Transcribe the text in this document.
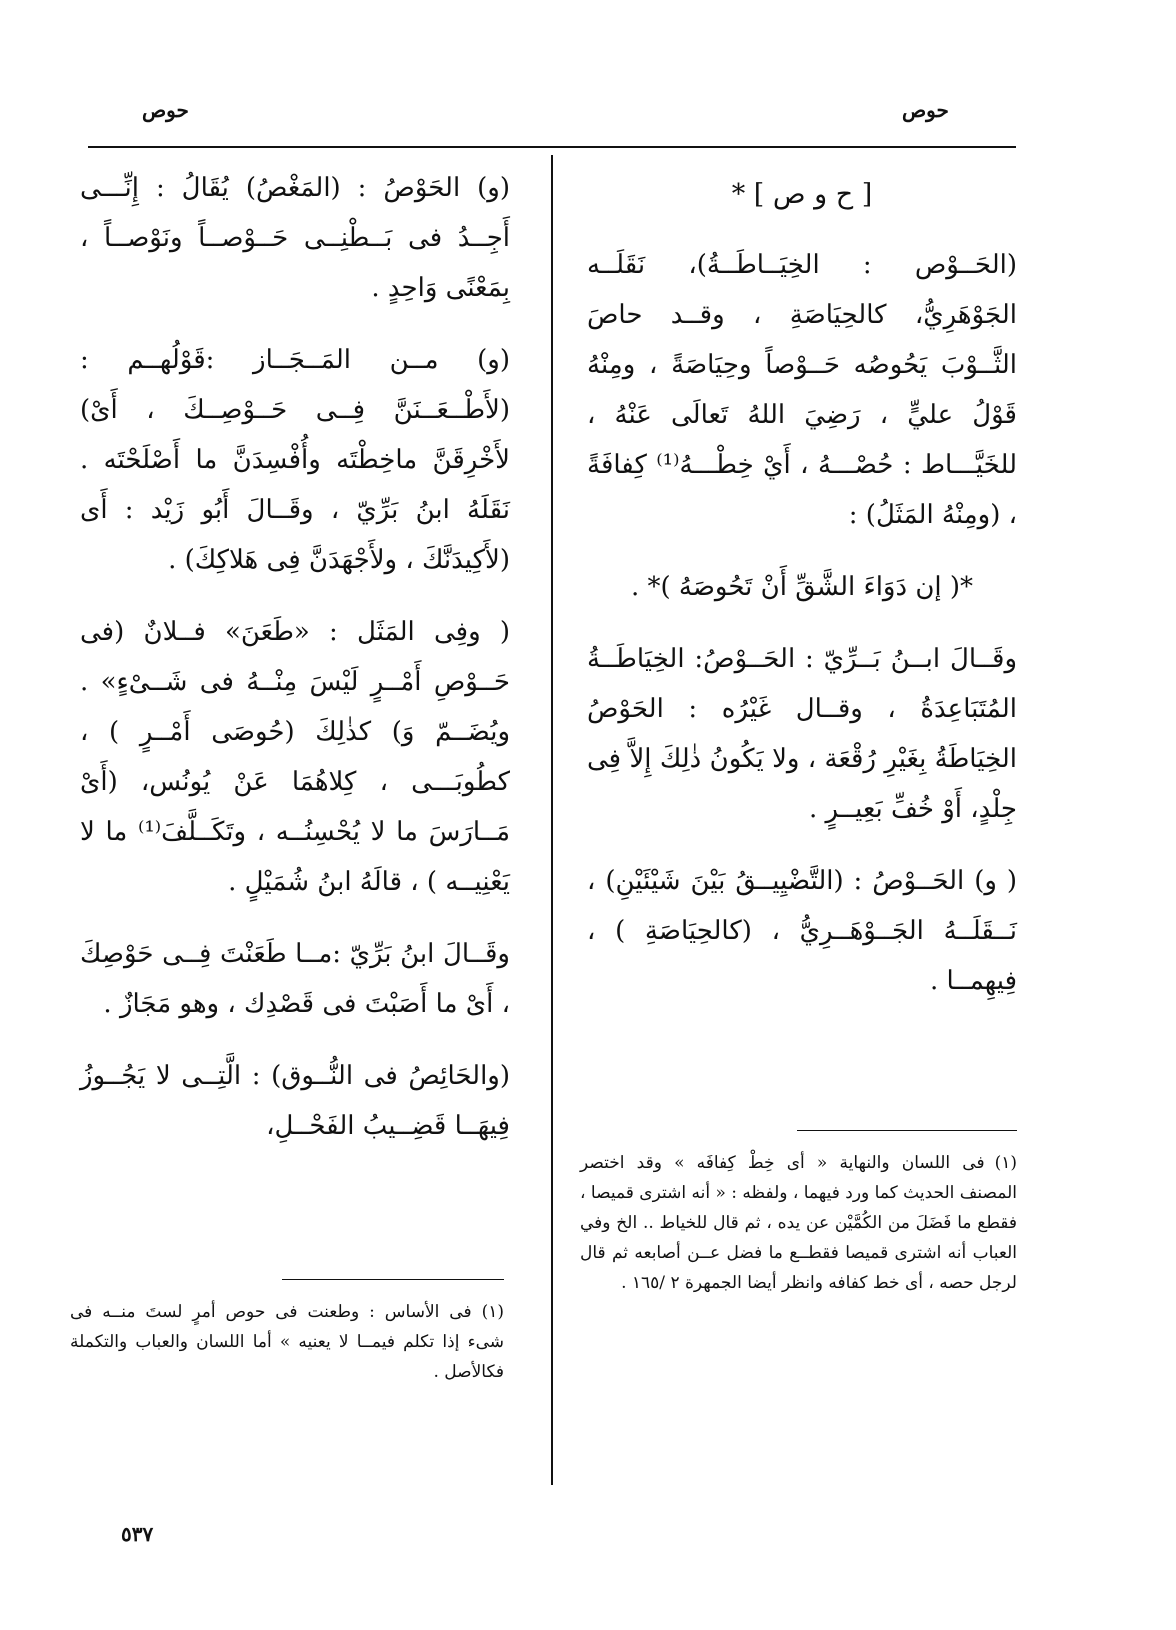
حوص
حوص

[ ح و ص ] *

(الحَــوْص : الخِيَــاطَــةُ)، نَقَلَــه الجَوْهَرِيُّ، كالحِيَاصَةِ ، وقــد حاصَ الثَّــوْبَ يَحُوصُه حَــوْصاً وحِيَاصَةً ، ومِنْهُ قَوْلُ عليٍّ ، رَضِيَ اللهُ تَعالَى عَنْهُ ، للخَيَّـــاط : حُصْـــهُ ، أَيْ خِطْـــهُ⁽¹⁾ كِفافَةً ، (ومِنْهُ المَثَلُ) :

*( إن دَوَاءَ الشَّقِّ أَنْ تَحُوصَهُ )* .

وقَــالَ ابــنُ بَــرِّيّ : الحَــوْصُ: الخِيَاطَــةُ المُتَبَاعِدَةُ ، وقــال غَيْرُه : الحَوْصُ الخِيَاطَةُ بِغَيْرِ رُقْعَة ، ولا يَكُونُ ذٰلِكَ إِلاَّ فِى جِلْدٍ، أَوْ خُفِّ بَعِيــرٍ .

( و) الحَــوْصُ : (التَّضْيِيــقُ بَيْنَ شَيْئَيْنِ) ، نَــقَلَــهُ الجَــوْهَــرِيُّ ، (كالحِيَاصَةِ ) ، فِيهِمــا .

(و) الحَوْصُ : (المَغْصُ) يُقَالُ : إِنِّـــى أَجِــدُ فى بَــطْنِــى حَــوْصــاً ونَوْصــاً ، بِمَعْنًى وَاحِدٍ .

(و) مــن المَــجَــاز :قَوْلُهــم : (لأَطْــعَــنَنَّ فِــى حَــوْصِــكَ ، أَىْ) لأَخْرِقَنَّ ماخِطْتَه وأُفْسِدَنَّ ما أَصْلَحْتَه . نَقَلَهُ ابنُ بَرِّيّ ، وقَــالَ أَبُو زَيْد : أَى (لأَكِيدَنَّكَ ، ولأَجْهَدَنَّ فِى هَلاكِكَ) .

( وفِى المَثَل : «طَعَنَ» فــلانٌ (فى حَــوْصِ أَمْــرٍ لَيْسَ مِنْــهُ فى شَــىْءٍ» . ويُضَــمّ وَ) كذٰلِكَ (حُوصَى أَمْــرٍ ) ، كطُوبَـــى ، كِلاهُمَا عَنْ يُونُس، (أَىْ مَــارَسَ ما لا يُحْسِنُــه ، وتَكَــلَّفَ⁽¹⁾ ما لا يَعْنِيــه ) ، قالَهُ ابنُ شُمَيْلٍ .

وقَــالَ ابنُ بَرِّيّ :مــا طَعَنْتَ فِــى حَوْصِكَ ، أَىْ ما أَصَبْتَ فى قَصْدِك ، وهو مَجَازٌ .

(والحَائِصُ فى النُّــوق) : الَّتِــى لا يَجُــوزُ فِيهَــا قَضِــيبُ الفَحْــلِ،

(١)فى اللسان والنهاية « أى خِطْ كِفافَه » وقد اختصر المصنف الحديث كما ورد فيهما ، ولفظه : « أنه اشترى قميصا ، فقطع ما فَضَلَ من الكُمَّيْن عن يده ، ثم قال للخياط .. الخ وفي العباب أنه اشترى قميصا فقطــع ما فضل عــن أصابعه ثم قال لرجل حصه ، أى خط كفافه وانظر أيضا الجمهرة ٢ /١٦٥ .
(١)فى الأساس : وطعنت فى حوص أمرٍ لستَ منــه فى شىء إذا تكلم فيمــا لا يعنيه » أما اللسان والعباب والتكملة فكالأصل .
٥٣٧
